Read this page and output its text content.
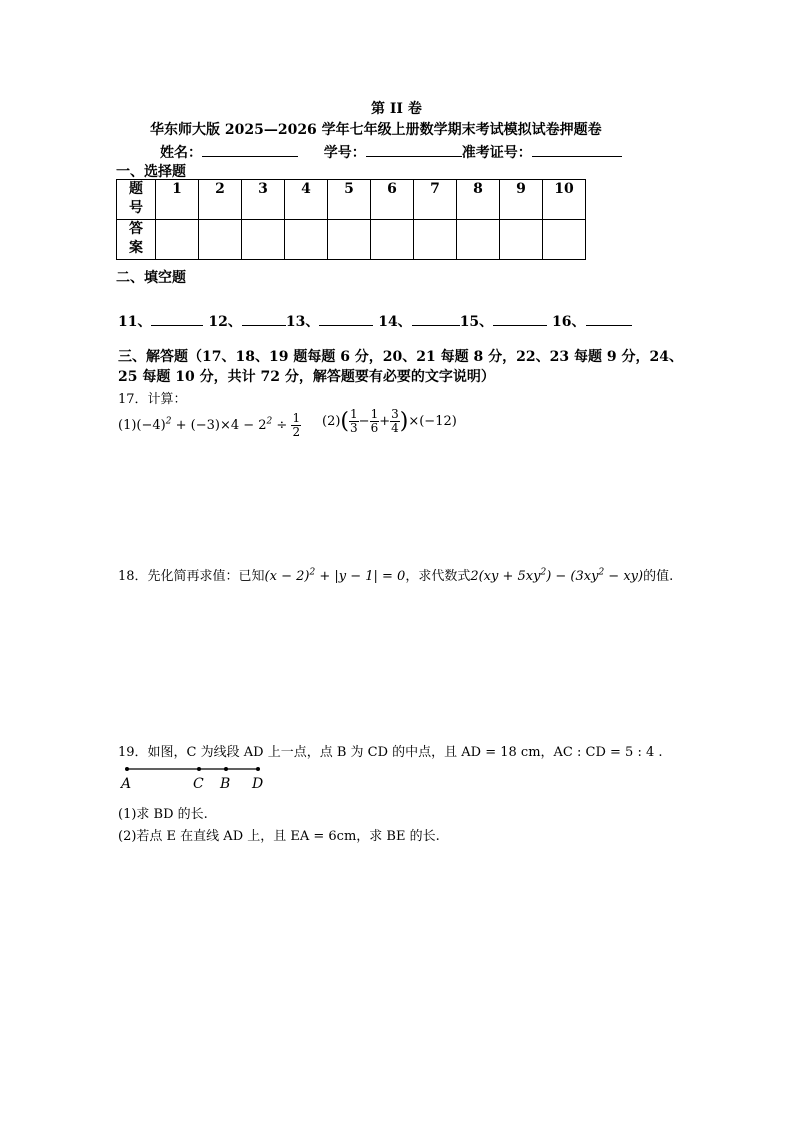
第 II 卷
华东师大版 2025—2026 学年七年级上册数学期末考试模拟试卷押题卷
姓名：	学号：	准考证号：
一、选择题
题
号	1	2	3	4	5	6	7	8	9	10
答
案										
二、填空题
11、	12、	13、	14、	15、	16、
三、解答题（17、18、19 题每题 6 分，20、21 每题 8 分，22、23 每题 9 分，24、
25 每题 10 分，共计 72 分，解答题要有必要的文字说明）
17．计算：
$(1)(-4)^2 + (-3)\times 4 - 2^2 \div \frac{1}{2} (2)( \frac{1}{3} - \frac{1}{6} + \frac{3}{4} )\times(-12)$
18．先化简再求值：已知$(x - 2)^2 + |y - 1| = 0$，求代数式$2(xy + 5xy^2) - (3xy^2 - xy)$的值.
19．如图，C 为线段 AD 上一点，点 B 为 CD 的中点，且 AD = 18 cm，AC : CD = 5 : 4 .
A	C B D
(1)求 BD 的长.
(2)若点 E 在直线 AD 上，且 EA = 6cm，求 BE 的长.
